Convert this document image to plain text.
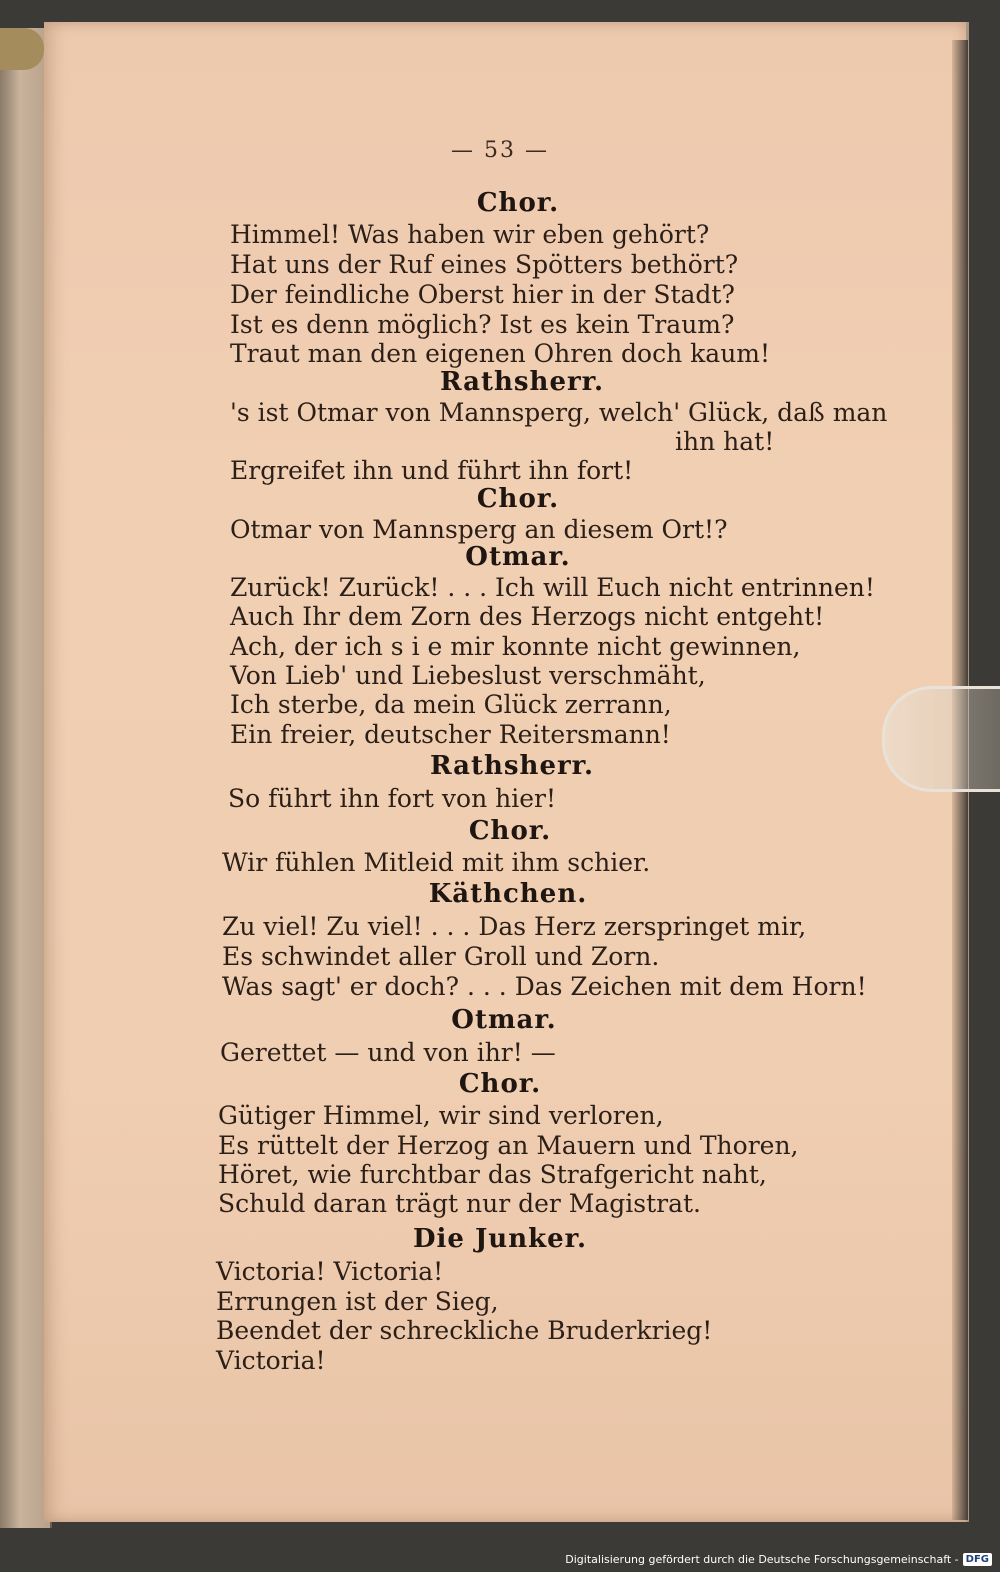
— 53 —
Chor.
Himmel! Was haben wir eben gehört?
Hat uns der Ruf eines Spötters bethört?
Der feindliche Oberst hier in der Stadt?
Ist es denn möglich? Ist es kein Traum?
Traut man den eigenen Ohren doch kaum!
Rathsherr.
's ist Otmar von Mannsperg, welch' Glück, daß man
ihn hat!
Ergreifet ihn und führt ihn fort!
Chor.
Otmar von Mannsperg an diesem Ort!?
Otmar.
Zurück! Zurück! . . . Ich will Euch nicht entrinnen!
Auch Ihr dem Zorn des Herzogs nicht entgeht!
Ach, der ich s i e mir konnte nicht gewinnen,
Von Lieb' und Liebeslust verschmäht,
Ich sterbe, da mein Glück zerrann,
Ein freier, deutscher Reitersmann!
Rathsherr.
So führt ihn fort von hier!
Chor.
Wir fühlen Mitleid mit ihm schier.
Käthchen.
Zu viel! Zu viel! . . . Das Herz zerspringet mir,
Es schwindet aller Groll und Zorn.
Was sagt' er doch? . . . Das Zeichen mit dem Horn!
Otmar.
Gerettet — und von ihr! —
Chor.
Gütiger Himmel, wir sind verloren,
Es rüttelt der Herzog an Mauern und Thoren,
Höret, wie furchtbar das Strafgericht naht,
Schuld daran trägt nur der Magistrat.
Die Junker.
Victoria! Victoria!
Errungen ist der Sieg,
Beendet der schreckliche Bruderkrieg!
Victoria!
Digitalisierung gefördert durch die Deutsche Forschungsgemeinschaft - DFG
